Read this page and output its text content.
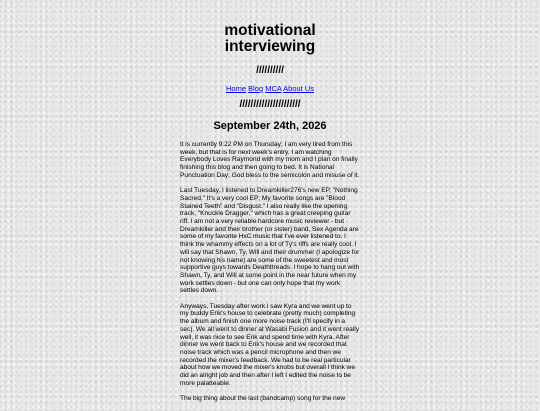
motivational
interviewing
//////////
Home Blog MCA About Us
//////////////////////
September 24th, 2026

It is currently 9:22 PM on Thursday; I am very tired from this week, but that is for next week's entry. I am watching Everybody Loves Raymond with my mom and I plan on finally finishing this blog and then going to bed. It is National Punctuation Day; God bless to the semicolon and misuse of it.

Last Tuesday, I listened to Dreamkiller276's new EP, "Nothing Sacred." It's a very cool EP; My favorite songs are "Blood Stained Teeth" and "Disgust." I also really like the opening track, "Knuckle Dragger," which has a great creeping guitar riff. I am not a very reliable hardcore music reviewer - but Dreamkiller and their brother (or sister) band, Sex Agenda are some of my favorite HxC music that I've ever listened to. I think the whammy effects on a lot of Ty's riffs are really cool. I will say that Shawn, Ty, Will and their drummer (I apologize for not knowing his name) are some of the sweetest and most supportive guys towards Deathttreads. I hope to hang out with Shawn, Ty, and Will at some point in the near future when my work settles down - but one can only hope that my work settles down.

Anyways, Tuesday after work I saw Kyra and we went up to my buddy Erik's house to celebrate (pretty much) completing the album and finish one more noise track (I'll specify in a sec). We all went to dinner at Wasabi Fusion and it went really well, it was nice to see Erik and spend time with Kyra. After dinner we went back to Erik's house and we recorded that noise track which was a pencil microphone and then we recorded the mixer's feedback. We had to be real particular about how we moved the mixer's knobs but overall I think we did an alright job and then after I left I edited the noise to be more palatteable.

The big thing about the last (bandcamp) song for the new
